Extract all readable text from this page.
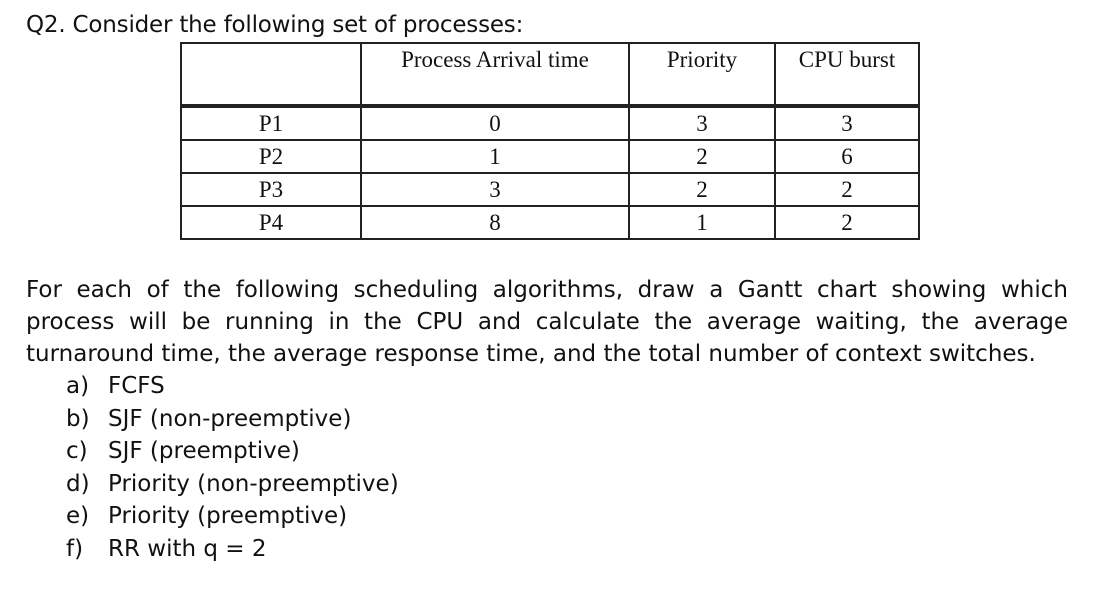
Q2. Consider the following set of processes:
	Process Arrival time	Priority	CPU burst
P1	0	3	3
P2	1	2	6
P3	3	2	2
P4	8	1	2
For each of the following scheduling algorithms, draw a Gantt chart showing which
process will be running in the CPU and calculate the average waiting, the average
turnaround time, the average response time, and the total number of context switches.
a) FCFS
b) SJF (non-preemptive)
c) SJF (preemptive)
d) Priority (non-preemptive)
e) Priority (preemptive)
f)	RR with q = 2
